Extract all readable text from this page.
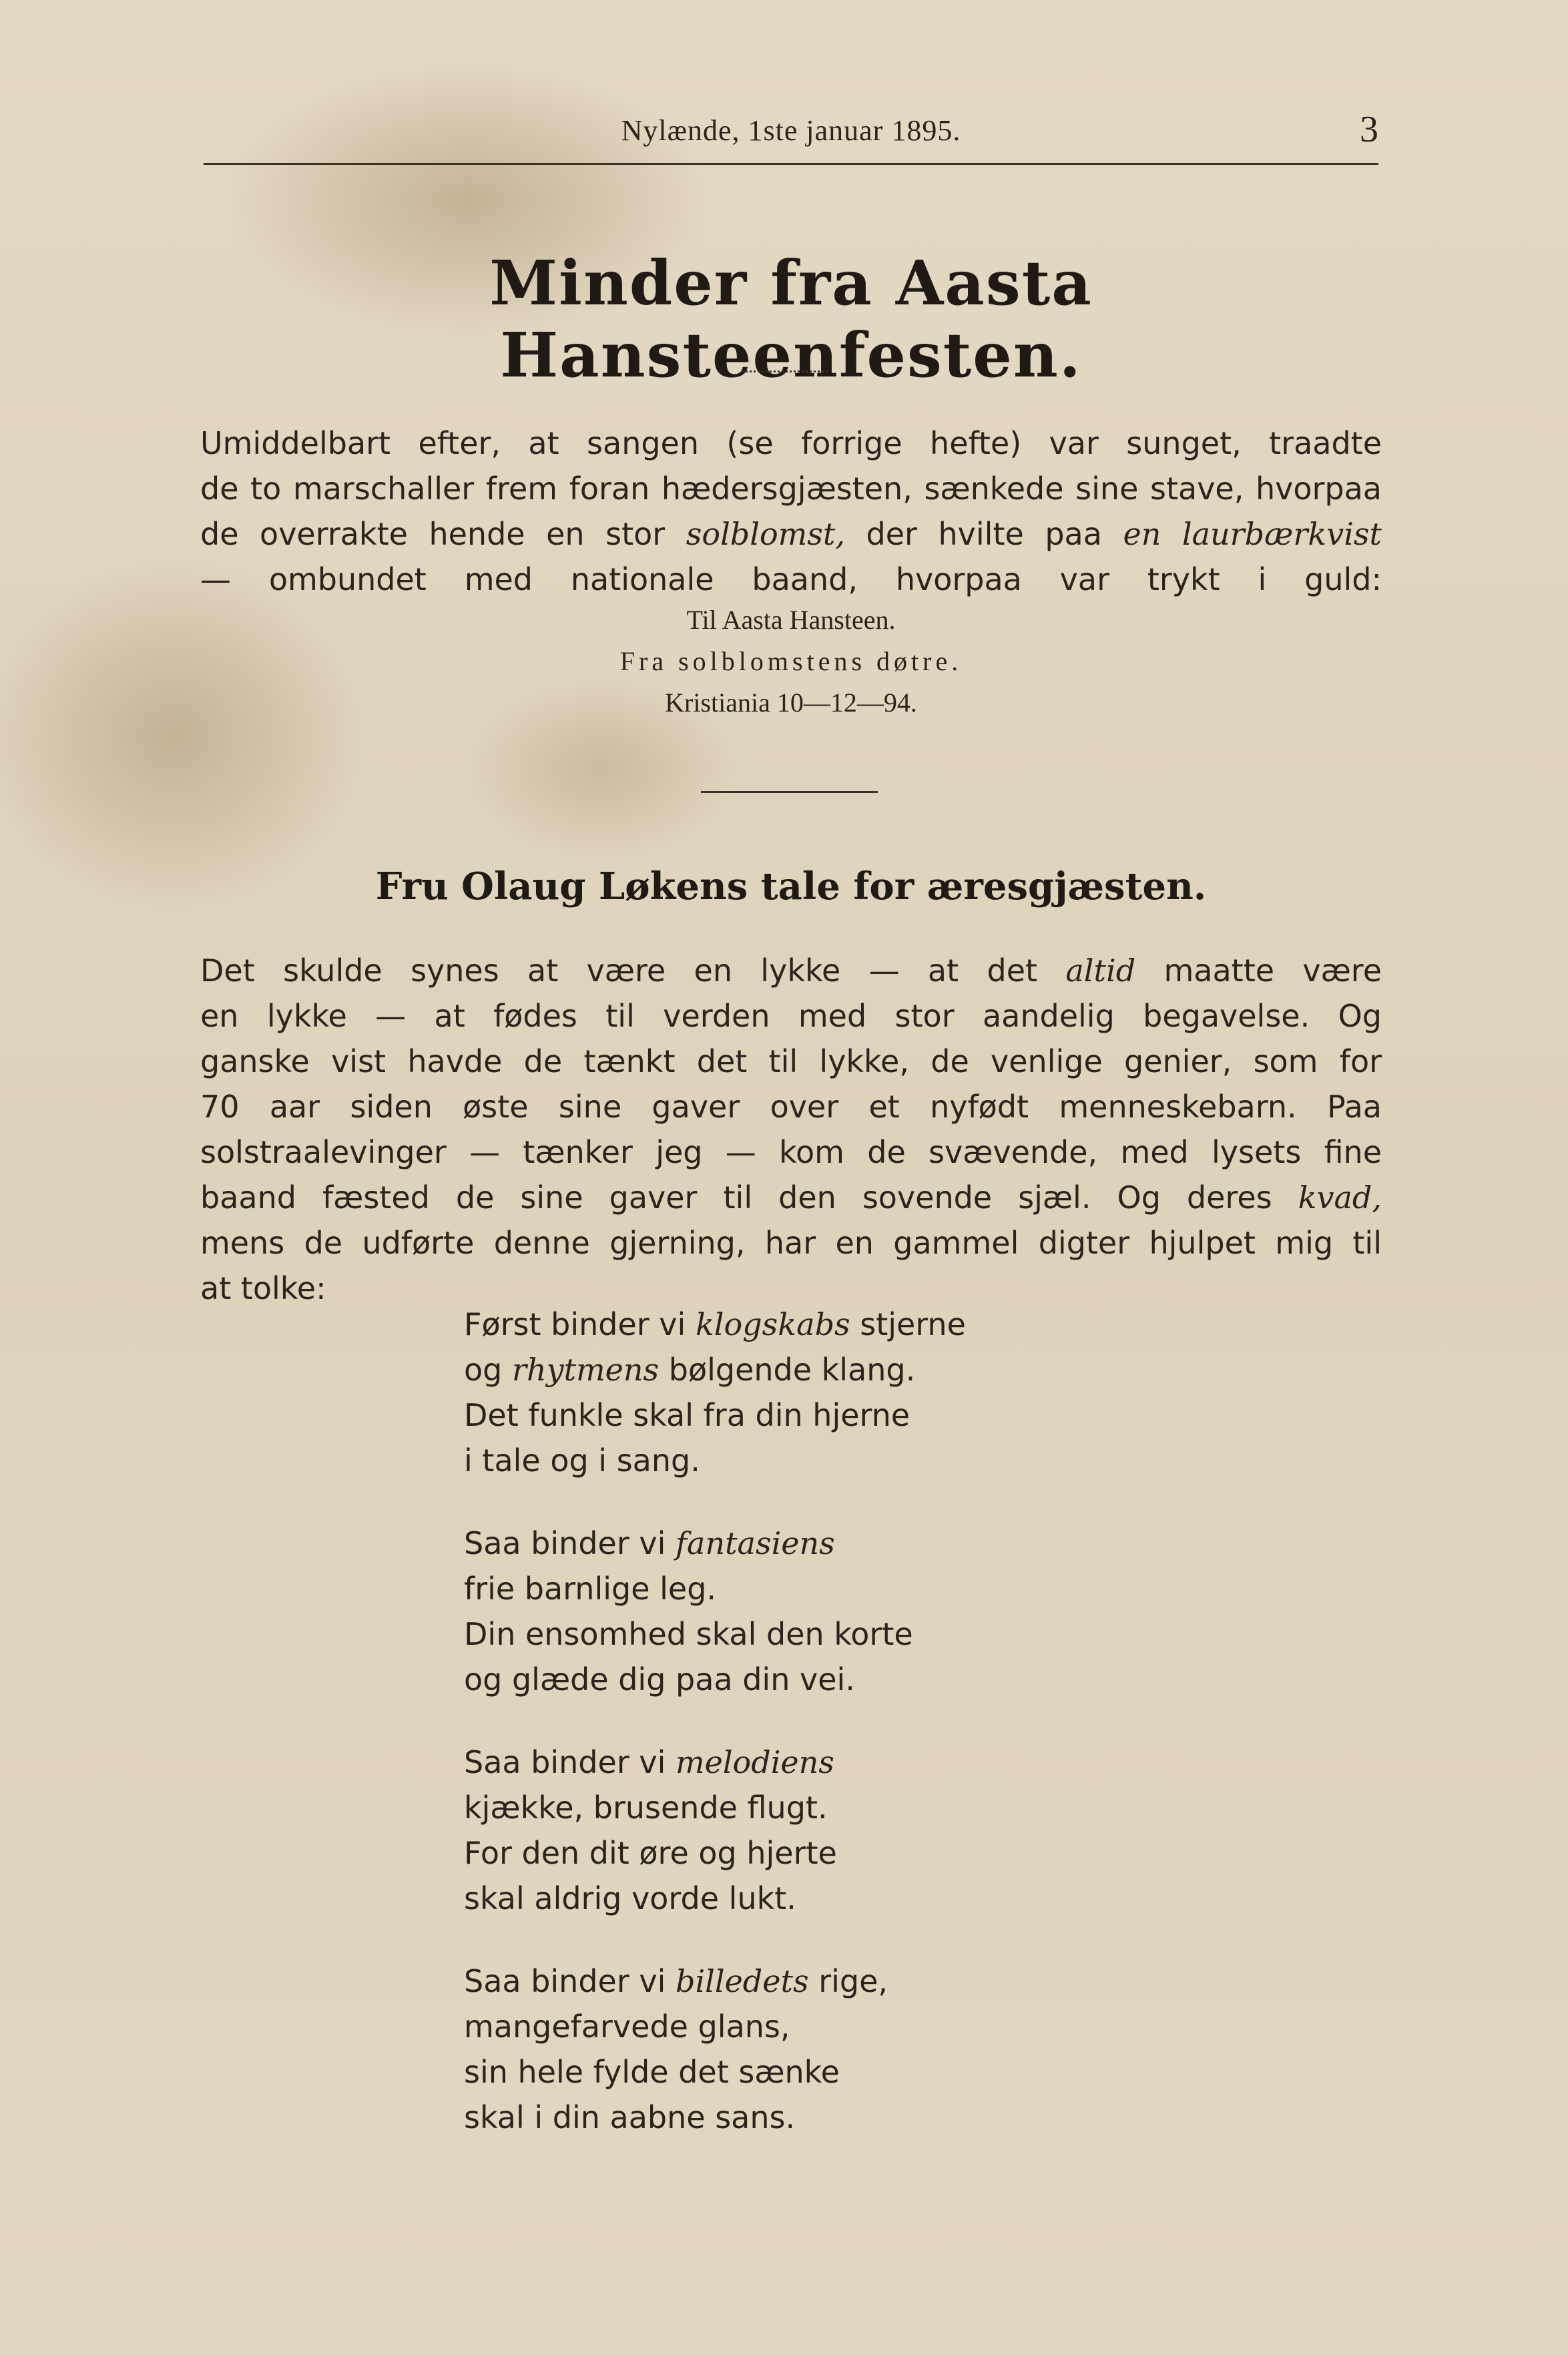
Nylænde, 1ste januar 1895.	3
Minder fra Aasta Hansteenfesten.
Umiddelbart efter, at sangen (se forrige hefte) var sunget, traadte
de to marschaller frem foran hædersgjæsten, sænkede sine stave, hvorpaa
de overrakte hende en stor solblomst, der hvilte paa en laurbærkvist
— ombundet med nationale baand, hvorpaa var trykt i guld:
Til Aasta Hansteen.
Fra solblomstens døtre.
Kristiania 10—12—94.
Fru Olaug Løkens tale for æresgjæsten.
Det skulde synes at være en lykke — at det altid maatte være
en lykke — at fødes til verden med stor aandelig begavelse. Og
ganske vist havde de tænkt det til lykke, de venlige genier, som for
70 aar siden øste sine gaver over et nyfødt menneskebarn. Paa
solstraalevinger — tænker jeg — kom de svævende, med lysets fine
baand fæsted de sine gaver til den sovende sjæl. Og deres kvad,
mens de udførte denne gjerning, har en gammel digter hjulpet mig til
at tolke:
Først binder vi klogskabs stjerne
og rhytmens bølgende klang.
Det funkle skal fra din hjerne
i tale og i sang.
Saa binder vi fantasiens
frie barnlige leg.
Din ensomhed skal den korte
og glæde dig paa din vei.
Saa binder vi melodiens
kjække, brusende flugt.
For den dit øre og hjerte
skal aldrig vorde lukt.
Saa binder vi billedets rige,
mangefarvede glans,
sin hele fylde det sænke
skal i din aabne sans.
